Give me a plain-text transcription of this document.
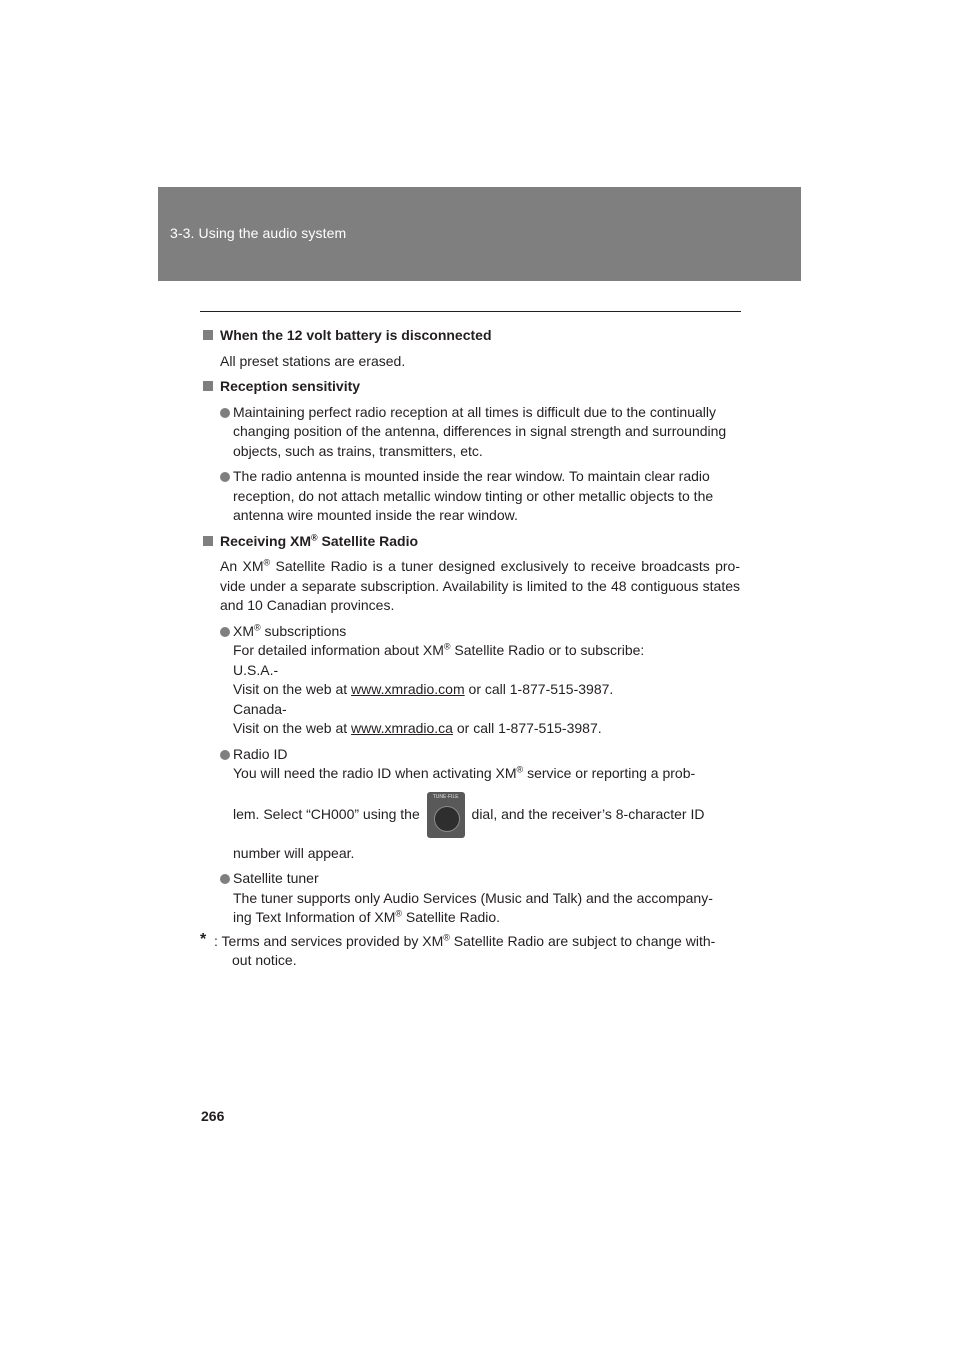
3-3. Using the audio system
When the 12 volt battery is disconnected
All preset stations are erased.
Reception sensitivity
Maintaining perfect radio reception at all times is difficult due to the continually
changing position of the antenna, differences in signal strength and surrounding
objects, such as trains, transmitters, etc.
The radio antenna is mounted inside the rear window. To maintain clear radio
reception, do not attach metallic window tinting or other metallic objects to the
antenna wire mounted inside the rear window.
Receiving XM® Satellite Radio
An XM® Satellite Radio is a tuner designed exclusively to receive broadcasts pro-vide under a separate subscription. Availability is limited to the 48 contiguous states and 10 Canadian provinces.
XM® subscriptions
For detailed information about XM® Satellite Radio or to subscribe:
U.S.A.-
Visit on the web at www.xmradio.com or call 1-877-515-3987.
Canada-
Visit on the web at www.xmradio.ca or call 1-877-515-3987.
Radio ID
You will need the radio ID when activating XM® service or reporting a prob-
lem. Select “CH000” using the
TUNE·FILE
dial, and the receiver’s 8-character ID
number will appear.
Satellite tuner
The tuner supports only Audio Services (Music and Talk) and the accompany-
ing Text Information of XM® Satellite Radio.
* : Terms and services provided by XM® Satellite Radio are subject to change with-
out notice.
266
